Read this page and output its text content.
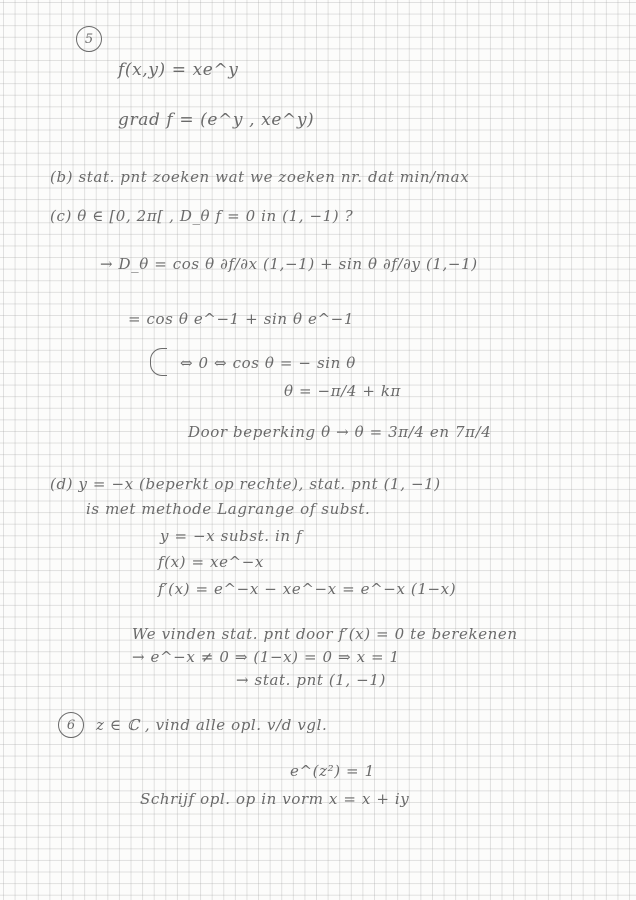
5
f(x,y) = xe^y
grad f = (e^y , xe^y)
(b) stat. pnt zoeken wat we zoeken nr. dat min/max
(c) θ ∈ [0, 2π[ , D_θ f = 0 in (1, −1) ?
→ D_θ = cos θ ∂f/∂x (1,−1) + sin θ ∂f/∂y (1,−1)
= cos θ e^−1 + sin θ e^−1
⇔ 0 ⇔ cos θ = − sin θ
θ = −π/4 + kπ
Door beperking θ → θ = 3π/4 en 7π/4
(d) y = −x (beperkt op rechte), stat. pnt (1, −1)
is met methode Lagrange of subst.
y = −x subst. in f
f(x) = xe^−x
f′(x) = e^−x − xe^−x = e^−x (1−x)
We vinden stat. pnt door f′(x) = 0 te berekenen
→ e^−x ≠ 0 ⇒ (1−x) = 0 ⇒ x = 1
→ stat. pnt (1, −1)
6 z ∈ ℂ , vind alle opl. v/d vgl.
e^(z²) = 1
Schrijf opl. op in vorm x = x + iy
